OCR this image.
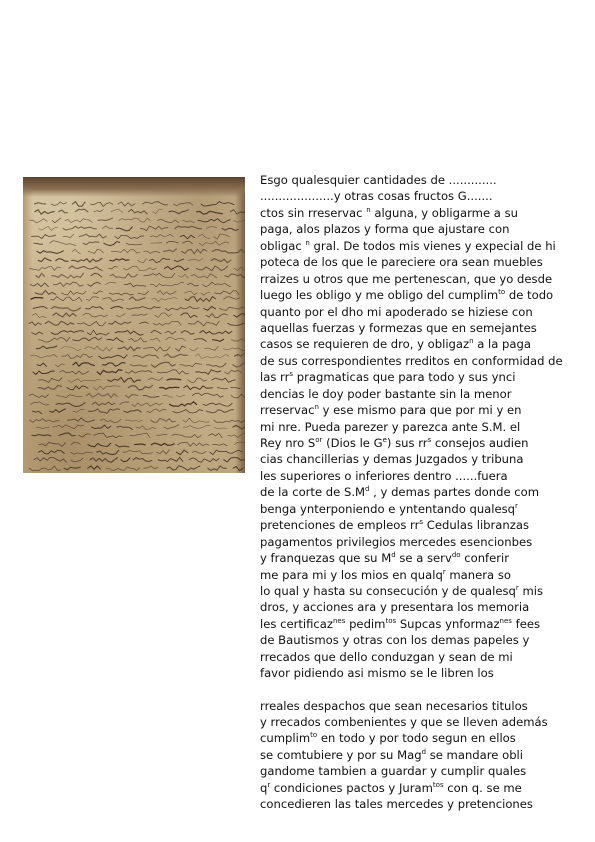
Esgo qualesquier cantidades de .............
....................y otras cosas fructos G.......
ctos sin rreservac $^n$ alguna, y obligarme a su
paga, alos plazos y forma que ajustare con
obligac $^n$ gral. De todos mis vienes y expecial de hi
poteca de los que le pareciere ora sean muebles
rraizes u otros que me pertenescan, que yo desde
luego les obligo y me obligo del cumplim$^{to}$ de todo
quanto por el dho mi apoderado se hiziese con
aquellas fuerzas y formezas que en semejantes
casos se requieren de dro, y obligaz$^n$ a la paga
de sus correspondientes rreditos en conformidad de
las $rr^s$ pragmaticas que para todo y sus ynci
dencias le doy poder bastante sin la menor
rreservac$^n$ y ese mismo para que por mi y en
mi nre. Pueda parezer y parezca ante S.M. el
Rey nro $S^{or}$ (Dios le $G^e$) sus $rr^s$ consejos audien
cias chancillerias y demas Juzgados y tribuna
les superiores o inferiores dentro ......fuera
de la corte de $S.M^d$ , y demas partes donde com
benga ynterponiendo e yntentando qualesq$^r$
pretenciones de empleos $rr^s$ Cedulas libranzas
pagamentos privilegios mercedes esencionbes
y franquezas que su $M^d$ se a serv$^{do}$ conferir
me para mi y los mios en qualq$^r$ manera so
lo qual y hasta su consecución y de qualesq$^r$ mis
dros, y acciones ara y presentara los memoria
les certificaz$^{nes}$ pedim$^{tos}$ Supcas ynformaz$^{nes}$ fees
de Bautismos y otras con los demas papeles y
rrecados que dello conduzgan y sean de mi
favor pidiendo asi mismo se le libren los
rreales despachos que sean necesarios titulos
y rrecados combenientes y que se lleven además
cumplim$^{to}$ en todo y por todo segun en ellos
se comtubiere y por su Mag$^d$ se mandare obli
gandome tambien a guardar y cumplir quales
$q^r$ condiciones pactos y Juram$^{tos}$ con q. se me
concedieren las tales mercedes y pretenciones
